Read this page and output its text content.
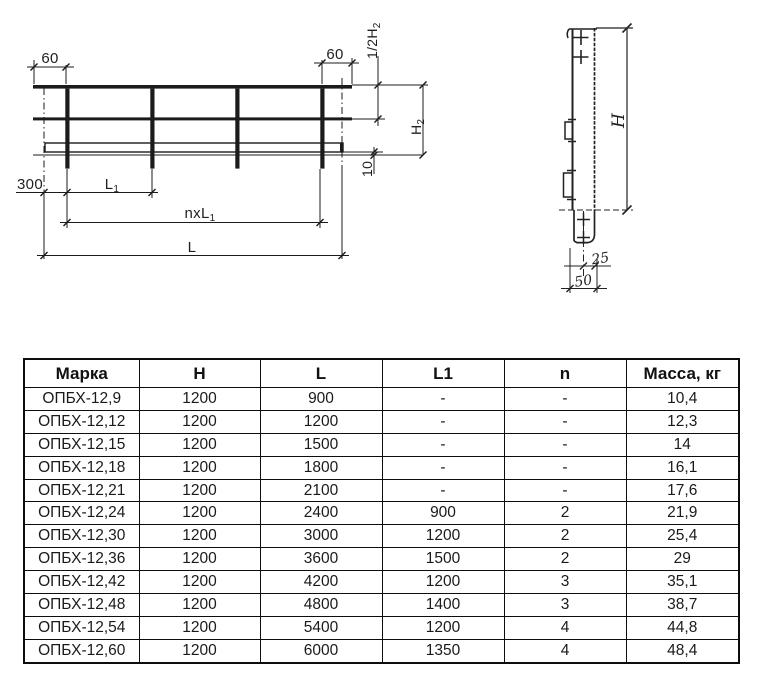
60	60 $1/2H_2$
$H_2$
10
300	$L_1$
nxL$_1$
L
H
25
50
Марка	H	L	L1	n	Масса, кг
ОПБХ-12,9	1200	900	-	-	10,4
ОПБХ-12,12	1200	1200	-	-	12,3
ОПБХ-12,15	1200	1500	-	-	14
ОПБХ-12,18	1200	1800	-	-	16,1
ОПБХ-12,21	1200	2100	-	-	17,6
ОПБХ-12,24	1200	2400	900	2	21,9
ОПБХ-12,30	1200	3000	1200	2	25,4
ОПБХ-12,36	1200	3600	1500	2	29
ОПБХ-12,42	1200	4200	1200	3	35,1
ОПБХ-12,48	1200	4800	1400	3	38,7
ОПБХ-12,54	1200	5400	1200	4	44,8
ОПБХ-12,60	1200	6000	1350	4	48,4
